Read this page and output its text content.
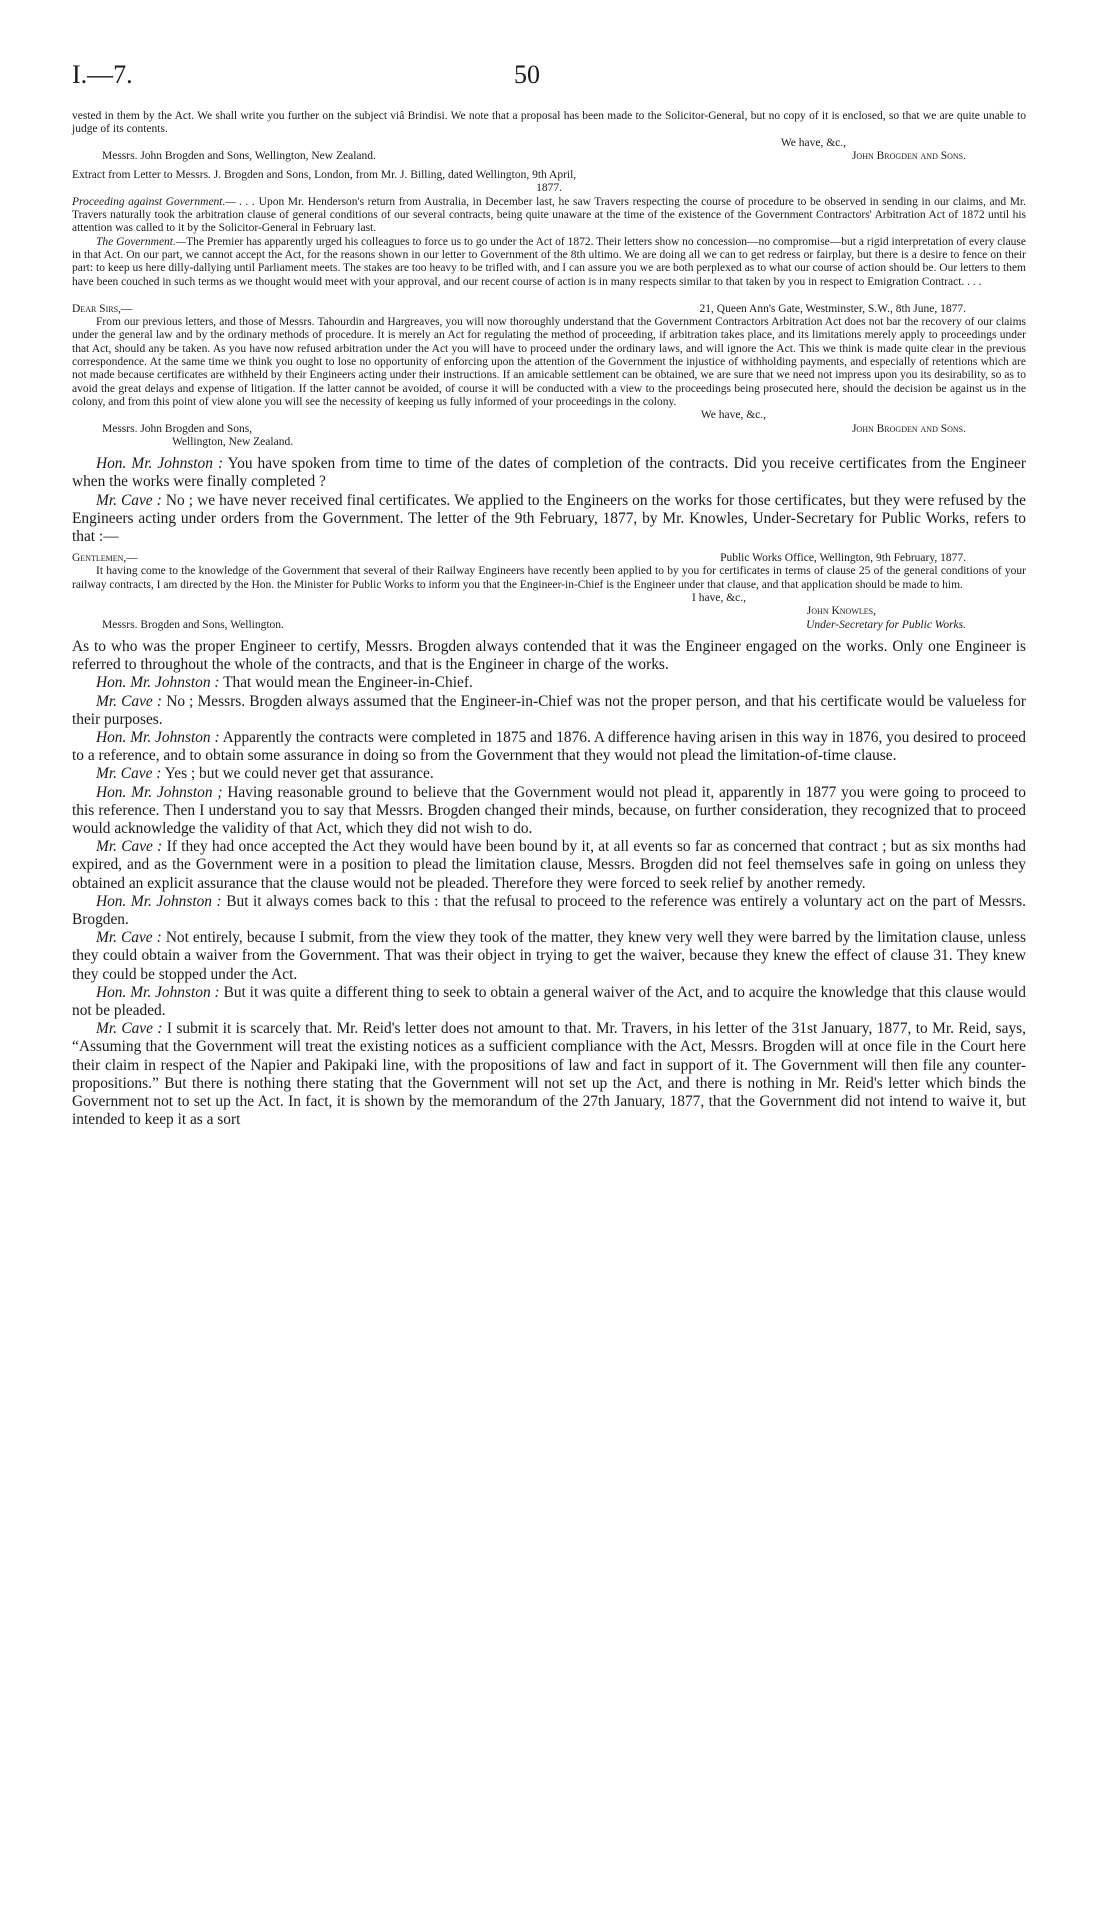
I.—7.	50

vested in them by the Act. We shall write you further on the subject viâ Brindisi. We note that a proposal has been made to the Solicitor-General, but no copy of it is enclosed, so that we are quite unable to judge of its contents.

We have, &c.,

Messrs. John Brogden and Sons, Wellington, New Zealand.	John Brogden and Sons.

Extract from Letter to Messrs. J. Brogden and Sons, London, from Mr. J. Billing, dated Wellington, 9th April,

1877.

Proceeding against Government.— . . . Upon Mr. Henderson's return from Australia, in December last, he saw Travers respecting the course of procedure to be observed in sending in our claims, and Mr. Travers naturally took the arbitration clause of general conditions of our several contracts, being quite unaware at the time of the existence of the Government Contractors' Arbitration Act of 1872 until his attention was called to it by the Solicitor-General in February last.

The Government.—The Premier has apparently urged his colleagues to force us to go under the Act of 1872. Their letters show no concession—no compromise—but a rigid interpretation of every clause in that Act. On our part, we cannot accept the Act, for the reasons shown in our letter to Government of the 8th ultimo. We are doing all we can to get redress or fairplay, but there is a desire to fence on their part: to keep us here dilly-dallying until Parliament meets. The stakes are too heavy to be trifled with, and I can assure you we are both perplexed as to what our course of action should be. Our letters to them have been couched in such terms as we thought would meet with your approval, and our recent course of action is in many respects similar to that taken by you in respect to Emigration Contract. . . .

Dear Sirs,—	21, Queen Ann's Gate, Westminster, S.W., 8th June, 1877.

From our previous letters, and those of Messrs. Tahourdin and Hargreaves, you will now thoroughly understand that the Government Contractors Arbitration Act does not bar the recovery of our claims under the general law and by the ordinary methods of procedure. It is merely an Act for regulating the method of proceeding, if arbitration takes place, and its limitations merely apply to proceedings under that Act, should any be taken. As you have now refused arbitration under the Act you will have to proceed under the ordinary laws, and will ignore the Act. This we think is made quite clear in the previous correspondence. At the same time we think you ought to lose no opportunity of enforcing upon the attention of the Government the injustice of withholding payments, and especially of retentions which are not made because certificates are withheld by their Engineers acting under their instructions. If an amicable settlement can be obtained, we are sure that we need not impress upon you its desirability, so as to avoid the great delays and expense of litigation. If the latter cannot be avoided, of course it will be conducted with a view to the proceedings being prosecuted here, should the decision be against us in the colony, and from this point of view alone you will see the necessity of keeping us fully informed of your proceedings in the colony.

We have, &c.,

Messrs. John Brogden and Sons,	John Brogden and Sons.

Wellington, New Zealand.

Hon. Mr. Johnston : You have spoken from time to time of the dates of completion of the contracts. Did you receive certificates from the Engineer when the works were finally completed ?

Mr. Cave : No ; we have never received final certificates. We applied to the Engineers on the works for those certificates, but they were refused by the Engineers acting under orders from the Government. The letter of the 9th February, 1877, by Mr. Knowles, Under-Secretary for Public Works, refers to that :—

Gentlemen,—	Public Works Office, Wellington, 9th February, 1877.

It having come to the knowledge of the Government that several of their Railway Engineers have recently been applied to by you for certificates in terms of clause 25 of the general conditions of your railway contracts, I am directed by the Hon. the Minister for Public Works to inform you that the Engineer-in-Chief is the Engineer under that clause, and that application should be made to him.

I have, &c.,

John Knowles,

Messrs. Brogden and Sons, Wellington.	Under-Secretary for Public Works.

As to who was the proper Engineer to certify, Messrs. Brogden always contended that it was the Engineer engaged on the works. Only one Engineer is referred to throughout the whole of the contracts, and that is the Engineer in charge of the works.

Hon. Mr. Johnston : That would mean the Engineer-in-Chief.

Mr. Cave : No ; Messrs. Brogden always assumed that the Engineer-in-Chief was not the proper person, and that his certificate would be valueless for their purposes.

Hon. Mr. Johnston : Apparently the contracts were completed in 1875 and 1876. A difference having arisen in this way in 1876, you desired to proceed to a reference, and to obtain some assurance in doing so from the Government that they would not plead the limitation-of-time clause.

Mr. Cave : Yes ; but we could never get that assurance.

Hon. Mr. Johnston ; Having reasonable ground to believe that the Government would not plead it, apparently in 1877 you were going to proceed to this reference. Then I understand you to say that Messrs. Brogden changed their minds, because, on further consideration, they recognized that to proceed would acknowledge the validity of that Act, which they did not wish to do.

Mr. Cave : If they had once accepted the Act they would have been bound by it, at all events so far as concerned that contract ; but as six months had expired, and as the Government were in a position to plead the limitation clause, Messrs. Brogden did not feel themselves safe in going on unless they obtained an explicit assurance that the clause would not be pleaded. Therefore they were forced to seek relief by another remedy.

Hon. Mr. Johnston : But it always comes back to this : that the refusal to proceed to the reference was entirely a voluntary act on the part of Messrs. Brogden.

Mr. Cave : Not entirely, because I submit, from the view they took of the matter, they knew very well they were barred by the limitation clause, unless they could obtain a waiver from the Government. That was their object in trying to get the waiver, because they knew the effect of clause 31. They knew they could be stopped under the Act.

Hon. Mr. Johnston : But it was quite a different thing to seek to obtain a general waiver of the Act, and to acquire the knowledge that this clause would not be pleaded.

Mr. Cave : I submit it is scarcely that. Mr. Reid's letter does not amount to that. Mr. Travers, in his letter of the 31st January, 1877, to Mr. Reid, says, “Assuming that the Government will treat the existing notices as a sufficient compliance with the Act, Messrs. Brogden will at once file in the Court here their claim in respect of the Napier and Pakipaki line, with the propositions of law and fact in support of it. The Government will then file any counter-propositions.” But there is nothing there stating that the Government will not set up the Act, and there is nothing in Mr. Reid's letter which binds the Government not to set up the Act. In fact, it is shown by the memorandum of the 27th January, 1877, that the Government did not intend to waive it, but intended to keep it as a sort
